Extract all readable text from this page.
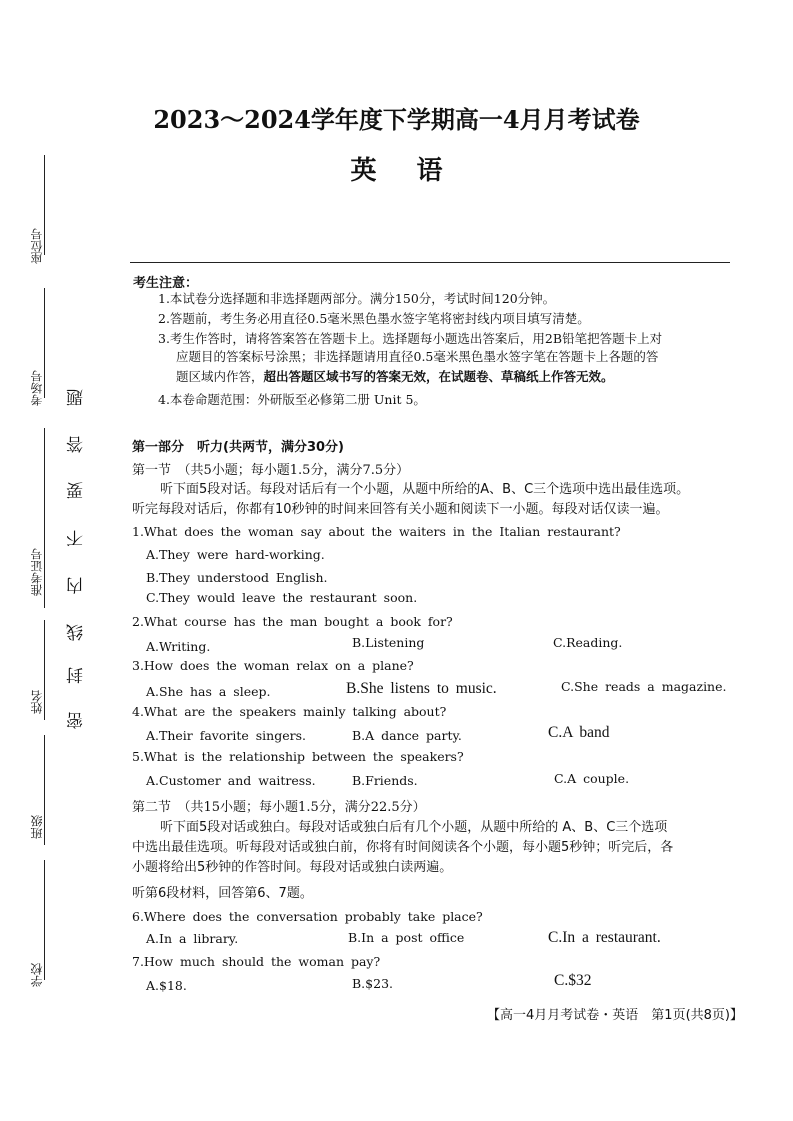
座位号
考场号
准考证号
姓名
班级
学校
密
封
线
内
不
要
答
题
2023～2024学年度下学期高一4月月考试卷
英语
考生注意：
1.本试卷分选择题和非选择题两部分。满分150分，考试时间120分钟。
2.答题前，考生务必用直径0.5毫米黑色墨水签字笔将密封线内项目填写清楚。
3.考生作答时，请将答案答在答题卡上。选择题每小题选出答案后，用2B铅笔把答题卡上对
应题目的答案标号涂黑；非选择题请用直径0.5毫米黑色墨水签字笔在答题卡上各题的答
题区域内作答，超出答题区域书写的答案无效，在试题卷、草稿纸上作答无效。
4.本卷命题范围：外研版至必修第二册 Unit 5。
第一部分　听力(共两节，满分30分)
第一节　（共5小题；每小题1.5分，满分7.5分）
听下面5段对话。每段对话后有一个小题，从题中所给的A、B、C三个选项中选出最佳选项。
听完每段对话后，你都有10秒钟的时间来回答有关小题和阅读下一小题。每段对话仅读一遍。
1.What does the woman say about the waiters in the Italian restaurant?
A.They were hard-working.
B.They understood English.
C.They would leave the restaurant soon.
2.What course has the man bought a book for?
A.Writing.	B.Listening	C.Reading.
3.How does the woman relax on a plane?
A.She has a sleep.	B.She listens to music.	C.She reads a magazine.
4.What are the speakers mainly talking about?
A.Their favorite singers.	B.A dance party.	C.A band
5.What is the relationship between the speakers?
A.Customer and waitress.	B.Friends.	C.A couple.
第二节　（共15小题；每小题1.5分，满分22.5分）
听下面5段对话或独白。每段对话或独白后有几个小题，从题中所给的 A、B、C三个选项
中选出最佳选项。听每段对话或独白前，你将有时间阅读各个小题，每小题5秒钟；听完后，各
小题将给出5秒钟的作答时间。每段对话或独白读两遍。
听第6段材料，回答第6、7题。
6.Where does the conversation probably take place?
A.In a library.	B.In a post office	C.In a restaurant.
7.How much should the woman pay?
A.$18.	B.$23.	C.$32
【高一4月月考试卷・英语　第1页(共8页)】
